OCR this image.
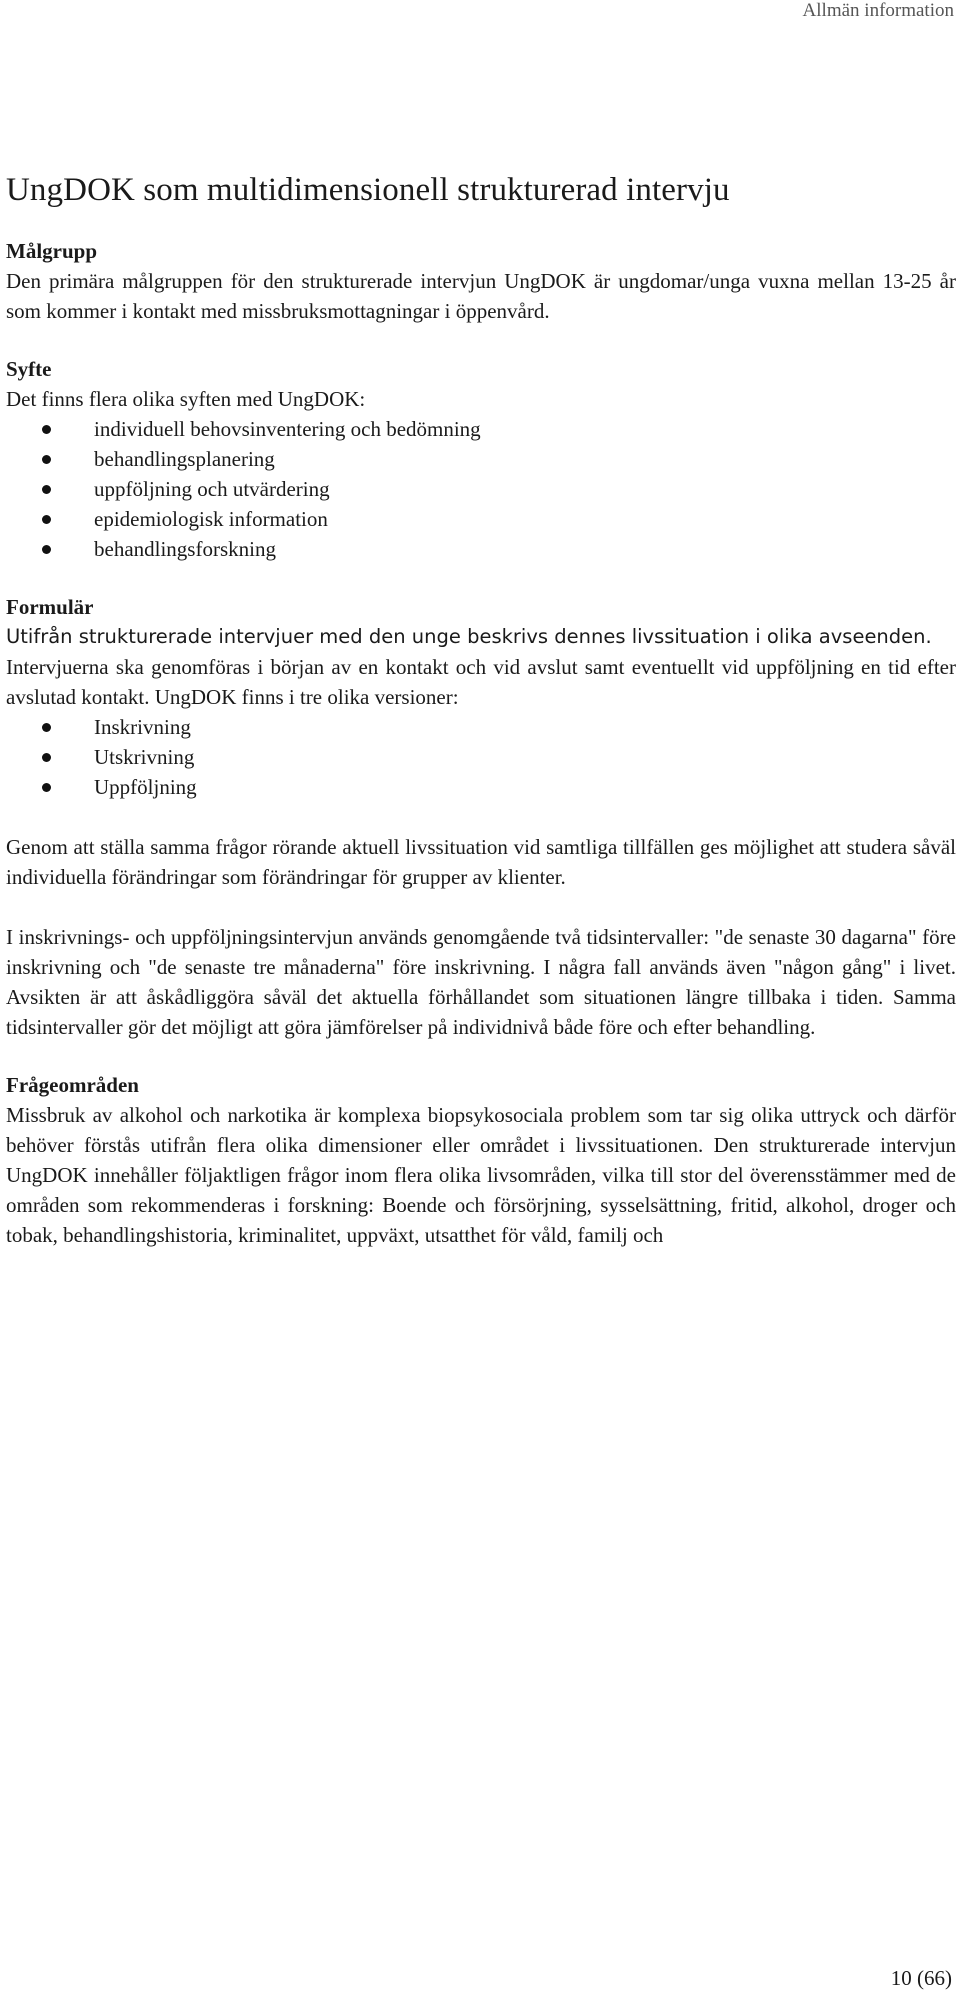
Allmän information
UngDOK som multidimensionell strukturerad intervju
Målgrupp

Den primära målgruppen för den strukturerade intervjun UngDOK är ungdomar/unga vuxna mellan 13-25 år som kommer i kontakt med missbruksmottagningar i öppenvård.

Syfte

Det finns flera olika syften med UngDOK:

individuell behovsinventering och bedömning
behandlingsplanering
uppföljning och utvärdering
epidemiologisk information
behandlingsforskning
Formulär

Utifrån strukturerade intervjuer med den unge beskrivs dennes livssituation i olika avseenden.

Intervjuerna ska genomföras i början av en kontakt och vid avslut samt eventuellt vid uppföljning en tid efter avslutad kontakt. UngDOK finns i tre olika versioner:

Inskrivning
Utskrivning
Uppföljning

Genom att ställa samma frågor rörande aktuell livssituation vid samtliga tillfällen ges möjlighet att studera såväl individuella förändringar som förändringar för grupper av klienter.

I inskrivnings- och uppföljningsintervjun används genomgående två tidsintervaller: "de senaste 30 dagarna" före inskrivning och "de senaste tre månaderna" före inskrivning. I några fall används även "någon gång" i livet. Avsikten är att åskådliggöra såväl det aktuella förhållandet som situationen längre tillbaka i tiden. Samma tidsintervaller gör det möjligt att göra jämförelser på individnivå både före och efter behandling.

Frågeområden

Missbruk av alkohol och narkotika är komplexa biopsykosociala problem som tar sig olika uttryck och därför behöver förstås utifrån flera olika dimensioner eller området i livssituationen. Den strukturerade intervjun UngDOK innehåller följaktligen frågor inom flera olika livsområden, vilka till stor del överensstämmer med de områden som rekommenderas i forskning: Boende och försörjning, sysselsättning, fritid, alkohol, droger och tobak, behandlingshistoria, kriminalitet, uppväxt, utsatthet för våld, familj och

10 (66)
